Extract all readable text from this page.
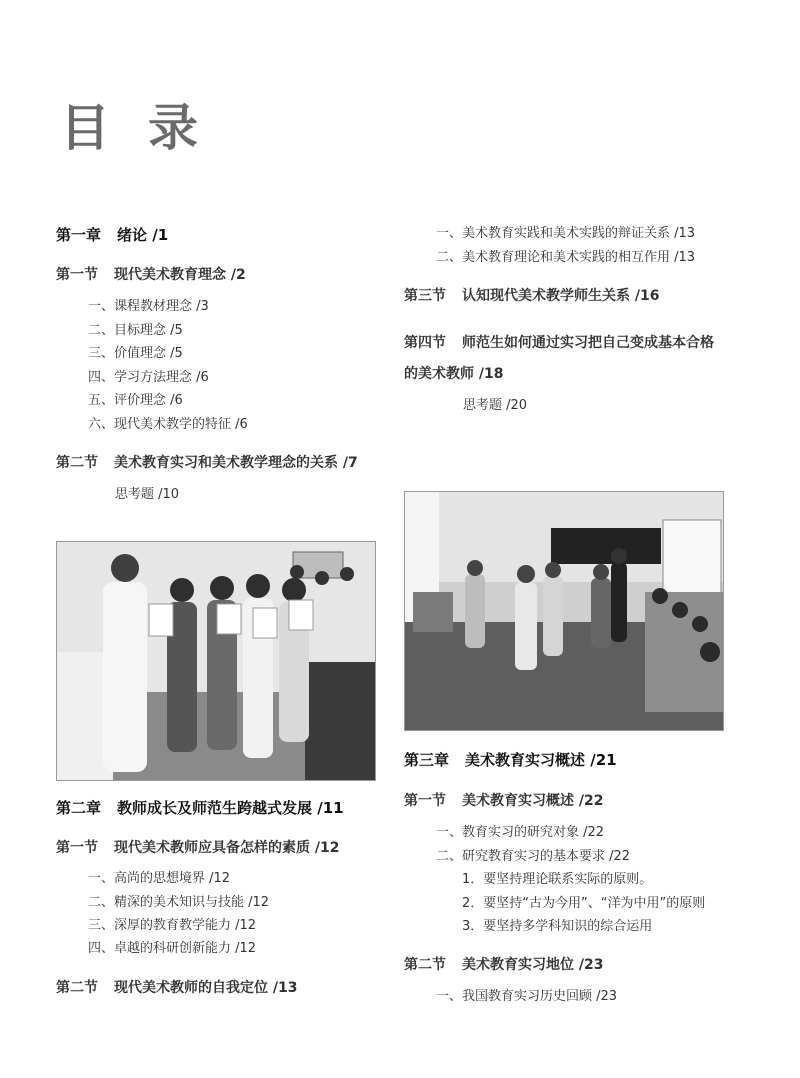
目录
第一章 绪论 /1
第一节 现代美术教育理念 /2
一、课程教材理念 /3
二、目标理念 /5
三、价值理念 /5
四、学习方法理念 /6
五、评价理念 /6
六、现代美术教学的特征 /6
第二节 美术教育实习和美术教学理念的关系 /7
思考题 /10
第二章 教师成长及师范生跨越式发展 /11
第一节 现代美术教师应具备怎样的素质 /12
一、高尚的思想境界 /12
二、精深的美术知识与技能 /12
三、深厚的教育教学能力 /12
四、卓越的科研创新能力 /12
第二节 现代美术教师的自我定位 /13
一、美术教育实践和美术实践的辩证关系 /13
二、美术教育理论和美术实践的相互作用 /13
第三节 认知现代美术教学师生关系 /16
第四节 师范生如何通过实习把自己变成基本合格
的美术教师 /18
思考题 /20
第三章 美术教育实习概述 /21
第一节 美术教育实习概述 /22
一、教育实习的研究对象 /22
二、研究教育实习的基本要求 /22
1．要坚持理论联系实际的原则。
2．要坚持“古为今用”、“洋为中用”的原则
3．要坚持多学科知识的综合运用
第二节 美术教育实习地位 /23
一、我国教育实习历史回顾 /23
